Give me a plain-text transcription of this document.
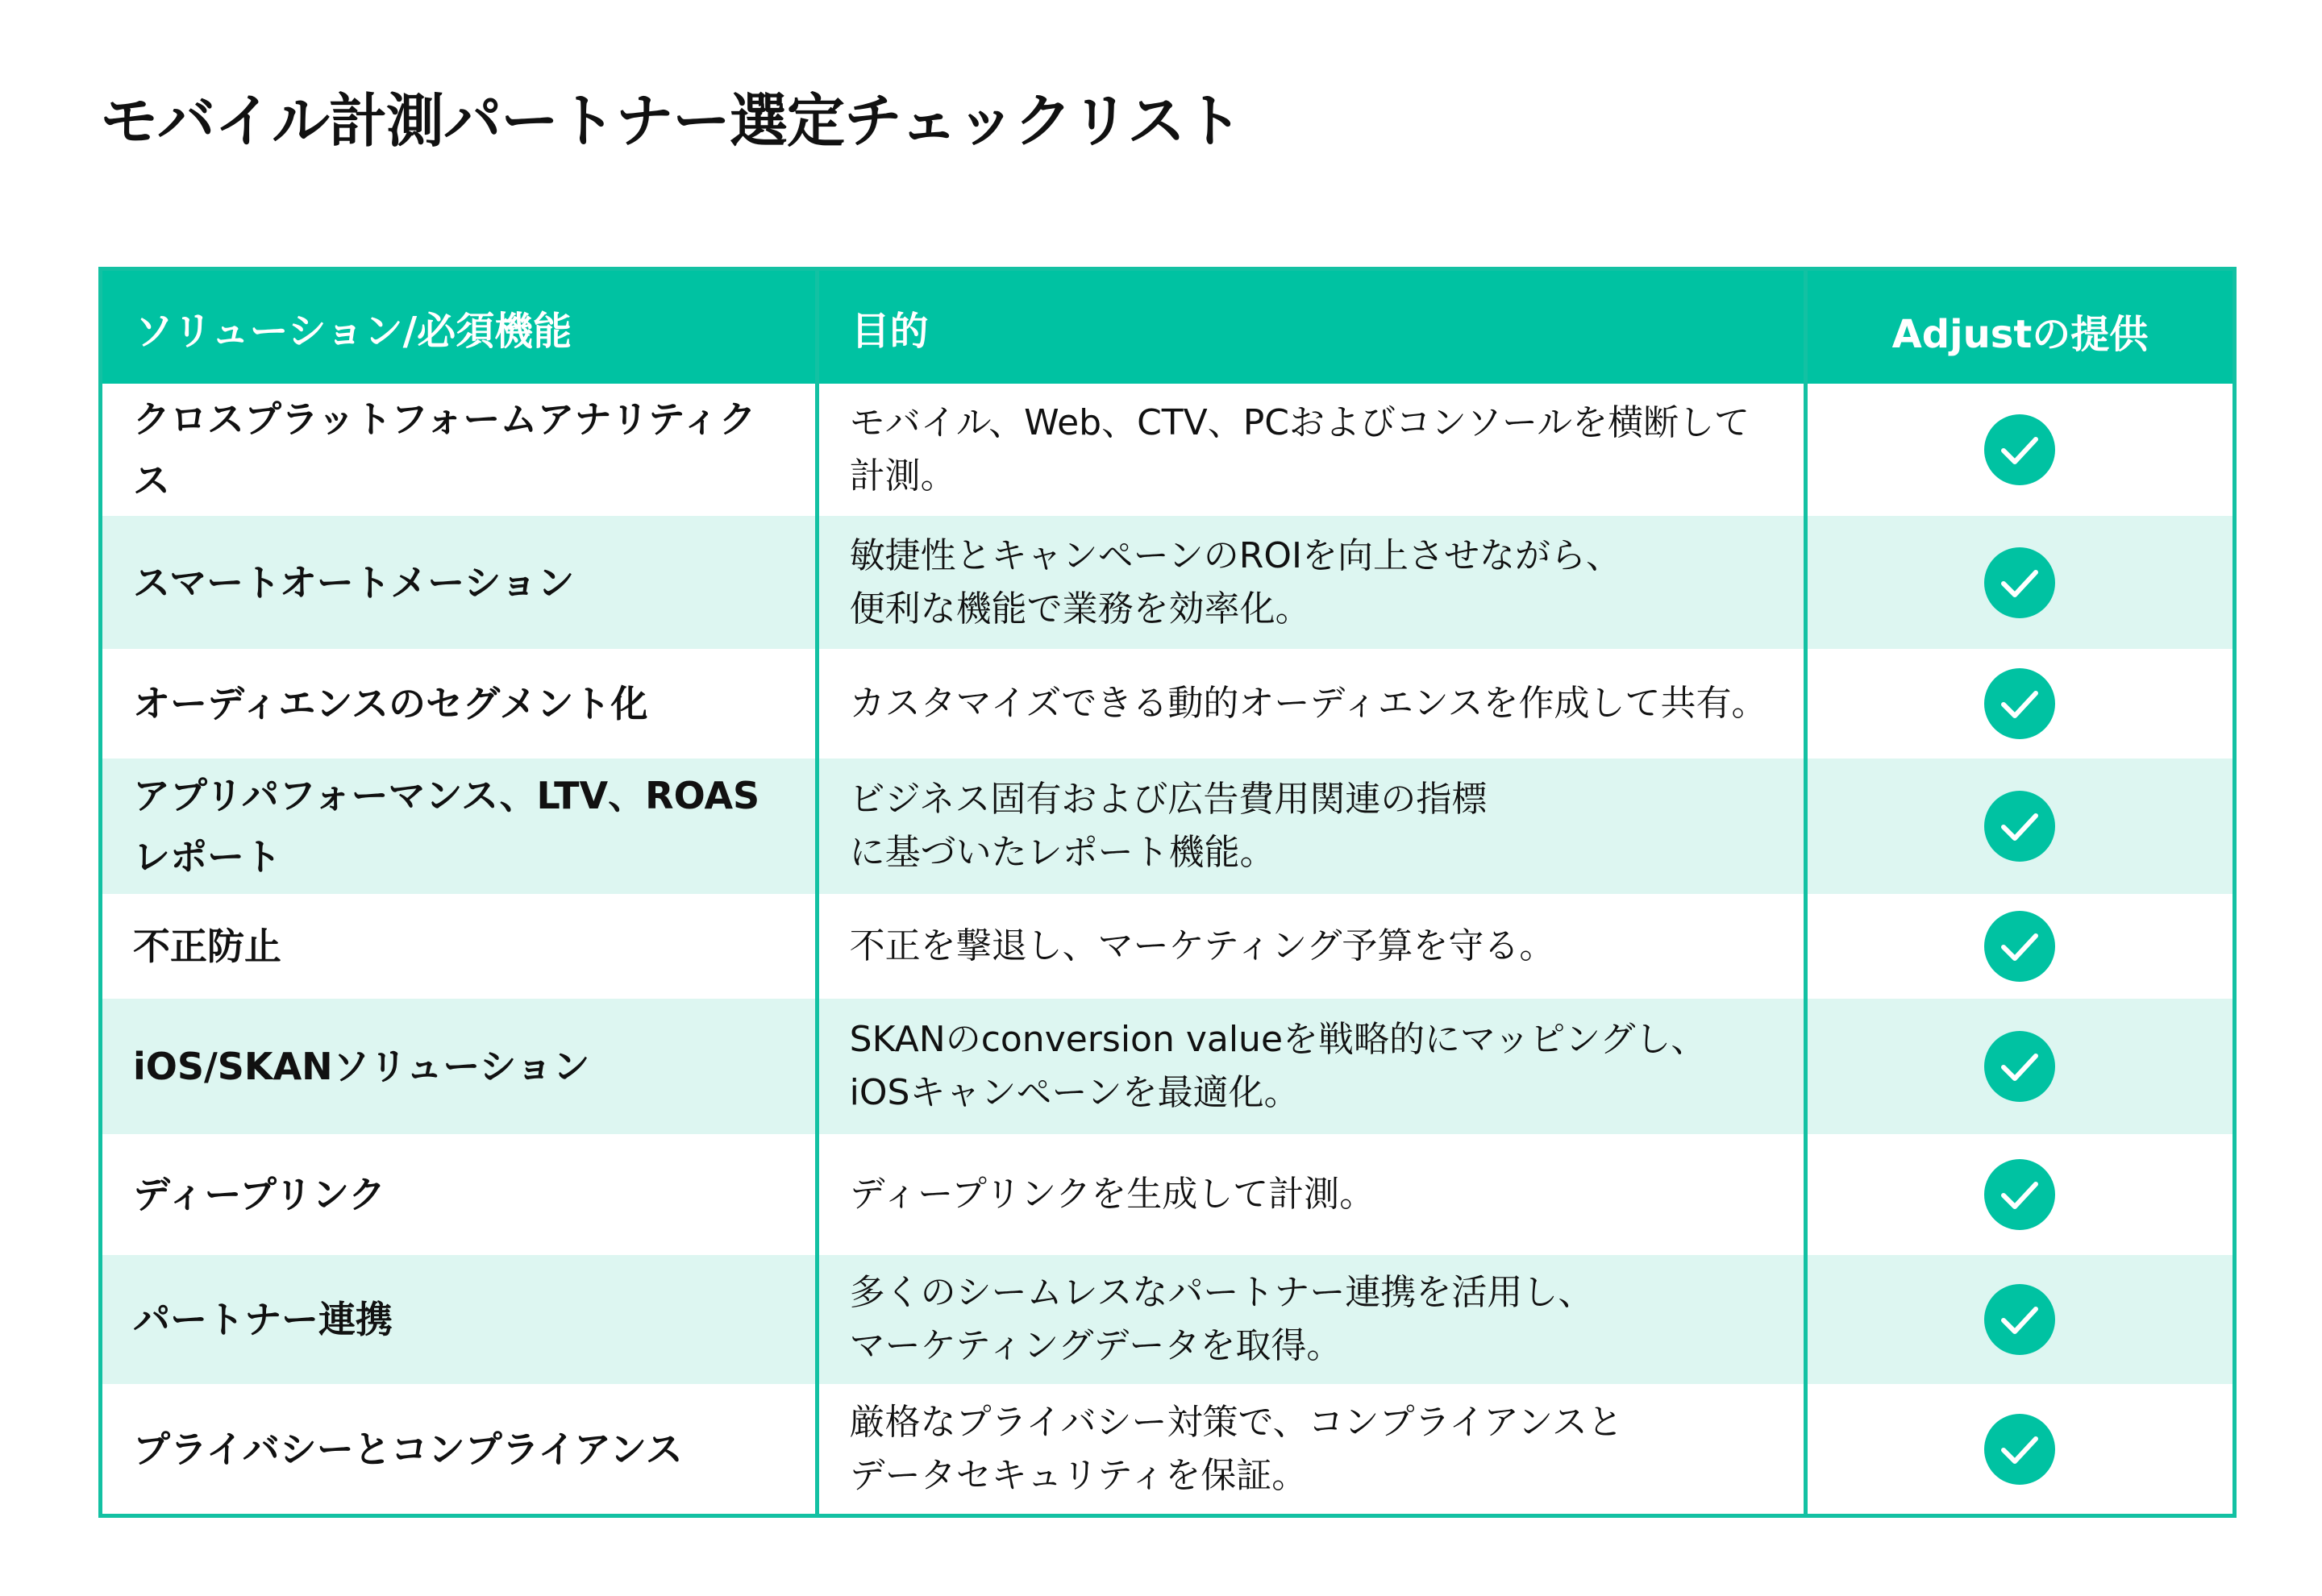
モバイル計測パートナー選定チェックリスト
ソリューション/必須機能	目的	Adjustの提供
クロスプラットフォームアナリティクス	モバイル、Web、CTV、PCおよびコンソールを横断して計測。	
スマートオートメーション	敏捷性とキャンペーンのROIを向上させながら、
便利な機能で業務を効率化。	
オーディエンスのセグメント化	カスタマイズできる動的オーディエンスを作成して共有。	
アプリパフォーマンス、LTV、ROAS
レポート	ビジネス固有および広告費用関連の指標
に基づいたレポート機能。	
不正防止	不正を撃退し、マーケティング予算を守る。	
iOS/SKANソリューション	SKANのconversion valueを戦略的にマッピングし、
iOSキャンペーンを最適化。	
ディープリンク	ディープリンクを生成して計測。	
パートナー連携	多くのシームレスなパートナー連携を活用し、
マーケティングデータを取得。	
プライバシーとコンプライアンス	厳格なプライバシー対策で、コンプライアンスと
データセキュリティを保証。	
